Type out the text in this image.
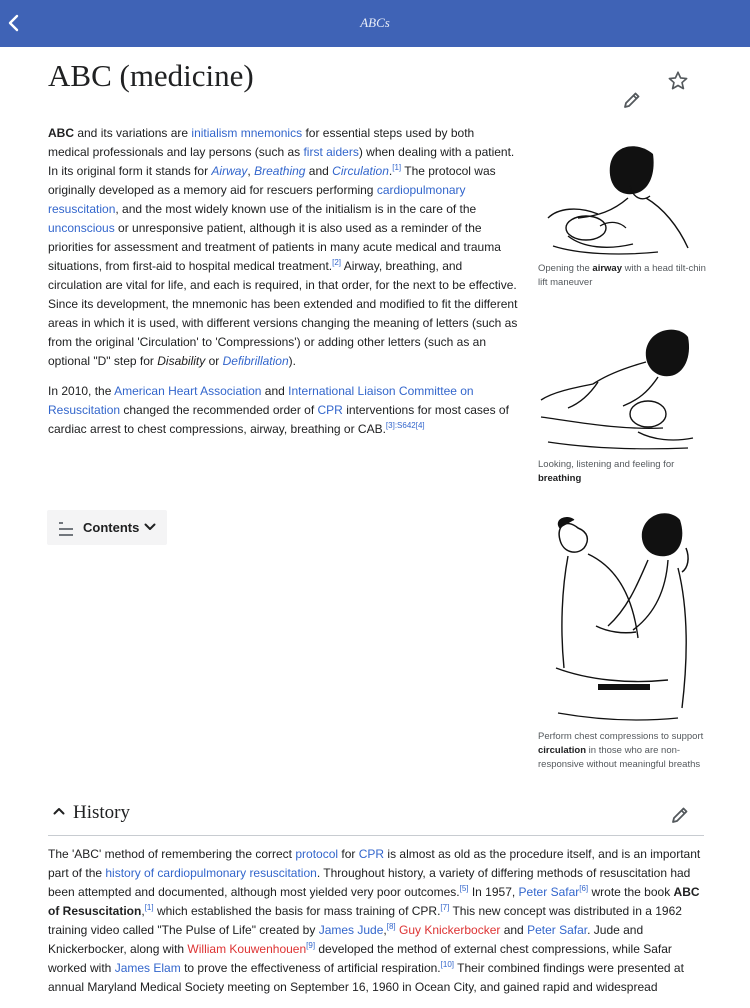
ABCs
ABC (medicine)

ABC and its variations are initialism mnemonics for essential steps used by both medical professionals and lay persons (such as first aiders) when dealing with a patient. In its original form it stands for Airway, Breathing and Circulation.[1] The protocol was originally developed as a memory aid for rescuers performing cardiopulmonary resuscitation, and the most widely known use of the initialism is in the care of the unconscious or unresponsive patient, although it is also used as a reminder of the priorities for assessment and treatment of patients in many acute medical and trauma situations, from first-aid to hospital medical treatment.[2] Airway, breathing, and circulation are vital for life, and each is required, in that order, for the next to be effective. Since its development, the mnemonic has been extended and modified to fit the different areas in which it is used, with different versions changing the meaning of letters (such as from the original 'Circulation' to 'Compressions') or adding other letters (such as an optional "D" step for Disability or Defibrillation).

In 2010, the American Heart Association and International Liaison Committee on Resuscitation changed the recommended order of CPR interventions for most cases of cardiac arrest to chest compressions, airway, breathing or CAB.[3]:S642[4]

Opening the airway with a head tilt-chin lift maneuver
Looking, listening and feeling for breathing
Perform chest compressions to support circulation in those who are non-responsive without meaningful breaths
Contents
History

The 'ABC' method of remembering the correct protocol for CPR is almost as old as the procedure itself, and is an important part of the history of cardiopulmonary resuscitation. Throughout history, a variety of differing methods of resuscitation had been attempted and documented, although most yielded very poor outcomes.[5] In 1957, Peter Safar[6] wrote the book ABC of Resuscitation,[1] which established the basis for mass training of CPR.[7] This new concept was distributed in a 1962 training video called "The Pulse of Life" created by James Jude,[8] Guy Knickerbocker and Peter Safar. Jude and Knickerbocker, along with William Kouwenhouen[9] developed the method of external chest compressions, while Safar worked with James Elam to prove the effectiveness of artificial respiration.[10] Their combined findings were presented at annual Maryland Medical Society meeting on September 16, 1960 in Ocean City, and gained rapid and widespread
